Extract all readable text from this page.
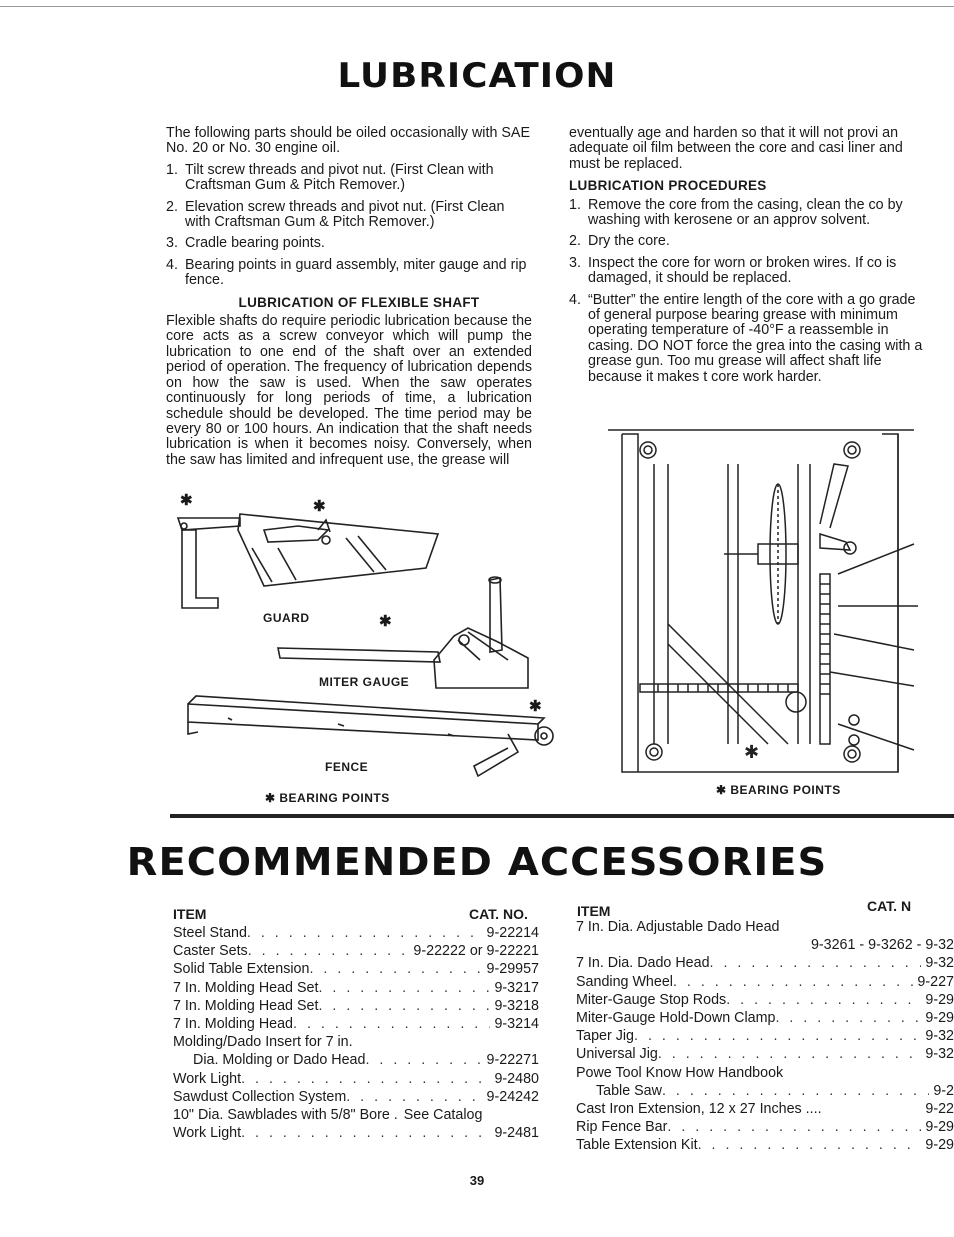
LUBRICATION

The following parts should be oiled occasionally with SAE No. 20 or No. 30 engine oil.

1. Tilt screw threads and pivot nut. (First Clean with Craftsman Gum & Pitch Remover.)
2. Elevation screw threads and pivot nut. (First Clean with Craftsman Gum & Pitch Remover.)
3. Cradle bearing points.
4. Bearing points in guard assembly, miter gauge and rip fence.
LUBRICATION OF FLEXIBLE SHAFT

Flexible shafts do require periodic lubrication because the core acts as a screw conveyor which will pump the lubrication to one end of the shaft over an extended period of operation. The frequency of lubrication depends on how the saw is used. When the saw operates continuously for long periods of time, a lubrication schedule should be developed. The time period may be every 80 or 100 hours. An indication that the shaft needs lubrication is when it becomes noisy. Conversely, when the saw has limited and infrequent use, the grease will

eventually age and harden so that it will not provi an adequate oil film between the core and casi liner and must be replaced.

LUBRICATION PROCEDURES
1. Remove the core from the casing, clean the co by washing with kerosene or an approv solvent.
2. Dry the core.
3. Inspect the core for worn or broken wires. If co is damaged, it should be replaced.
4. “Butter” the entire length of the core with a go grade of general purpose bearing grease with minimum operating temperature of -40°F a reassemble in casing. DO NOT force the grea into the casing with a grease gun. Too mu grease will affect shaft life because it makes t core work harder.
✱	✱
✱
✱
GUARD
MITER GAUGE
FENCE
✱ BEARING POINTS
✱
✱ BEARING POINTS
RECOMMENDED ACCESSORIES
ITEM	CAT. NO.	ITEM	CAT. N
Steel Stand . . .	9-22214
Caster Sets . . .	9-22222 or 9-22221
Solid Table Extension . . .	9-29957
7 In. Molding Head Set . . .	9-3217
7 In. Molding Head Set . . .	9-3218
7 In. Molding Head . . .	9-3214
Molding/Dado Insert for 7 in.
Dia. Molding or Dado Head . . .	9-22271
Work Light . . .	9-2480
Sawdust Collection System . . .	9-24242
10" Dia. Sawblades with 5/8" Bore . See Catalog
Work Light . . .	9-2481
7 In. Dia. Adjustable Dado Head
9-3261 - 9-3262 - 9-32
7 In. Dia. Dado Head . . .	9-32
Sanding Wheel . . .	9-227
Miter-Gauge Stop Rods . . .	9-29
Miter-Gauge Hold-Down Clamp . . .	9-29
Taper Jig . . .	9-32
Universal Jig . . .	9-32
Powe Tool Know How Handbook
Table Saw . . .	9-2
Cast Iron Extension, 12 x 27 Inches ....	9-22
Rip Fence Bar . . .	9-29
Table Extension Kit . . .	9-29
39
